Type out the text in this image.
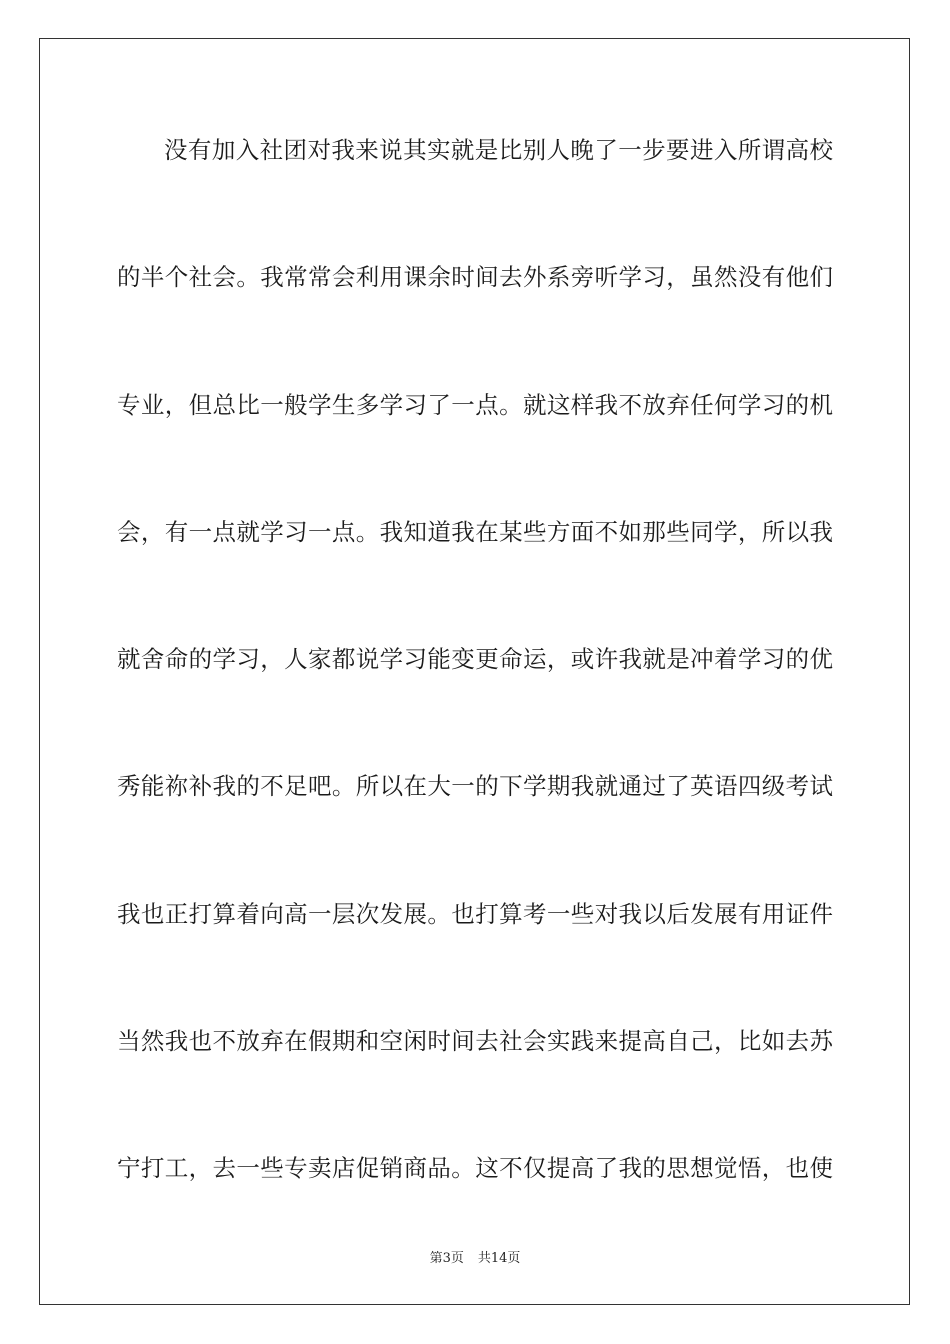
没有加入社团对我来说其实就是比别人晚了一步要进入所谓高校
的半个社会。我常常会利用课余时间去外系旁听学习，虽然没有他们
专业，但总比一般学生多学习了一点。就这样我不放弃任何学习的机
会，有一点就学习一点。我知道我在某些方面不如那些同学，所以我
就舍命的学习，人家都说学习能变更命运，或许我就是冲着学习的优
秀能祢补我的不足吧。所以在大一的下学期我就通过了英语四级考试
我也正打算着向高一层次发展。也打算考一些对我以后发展有用证件
当然我也不放弃在假期和空闲时间去社会实践来提高自己，比如去苏
宁打工，去一些专卖店促销商品。这不仅提高了我的思想觉悟，也使
第3页 共14页
